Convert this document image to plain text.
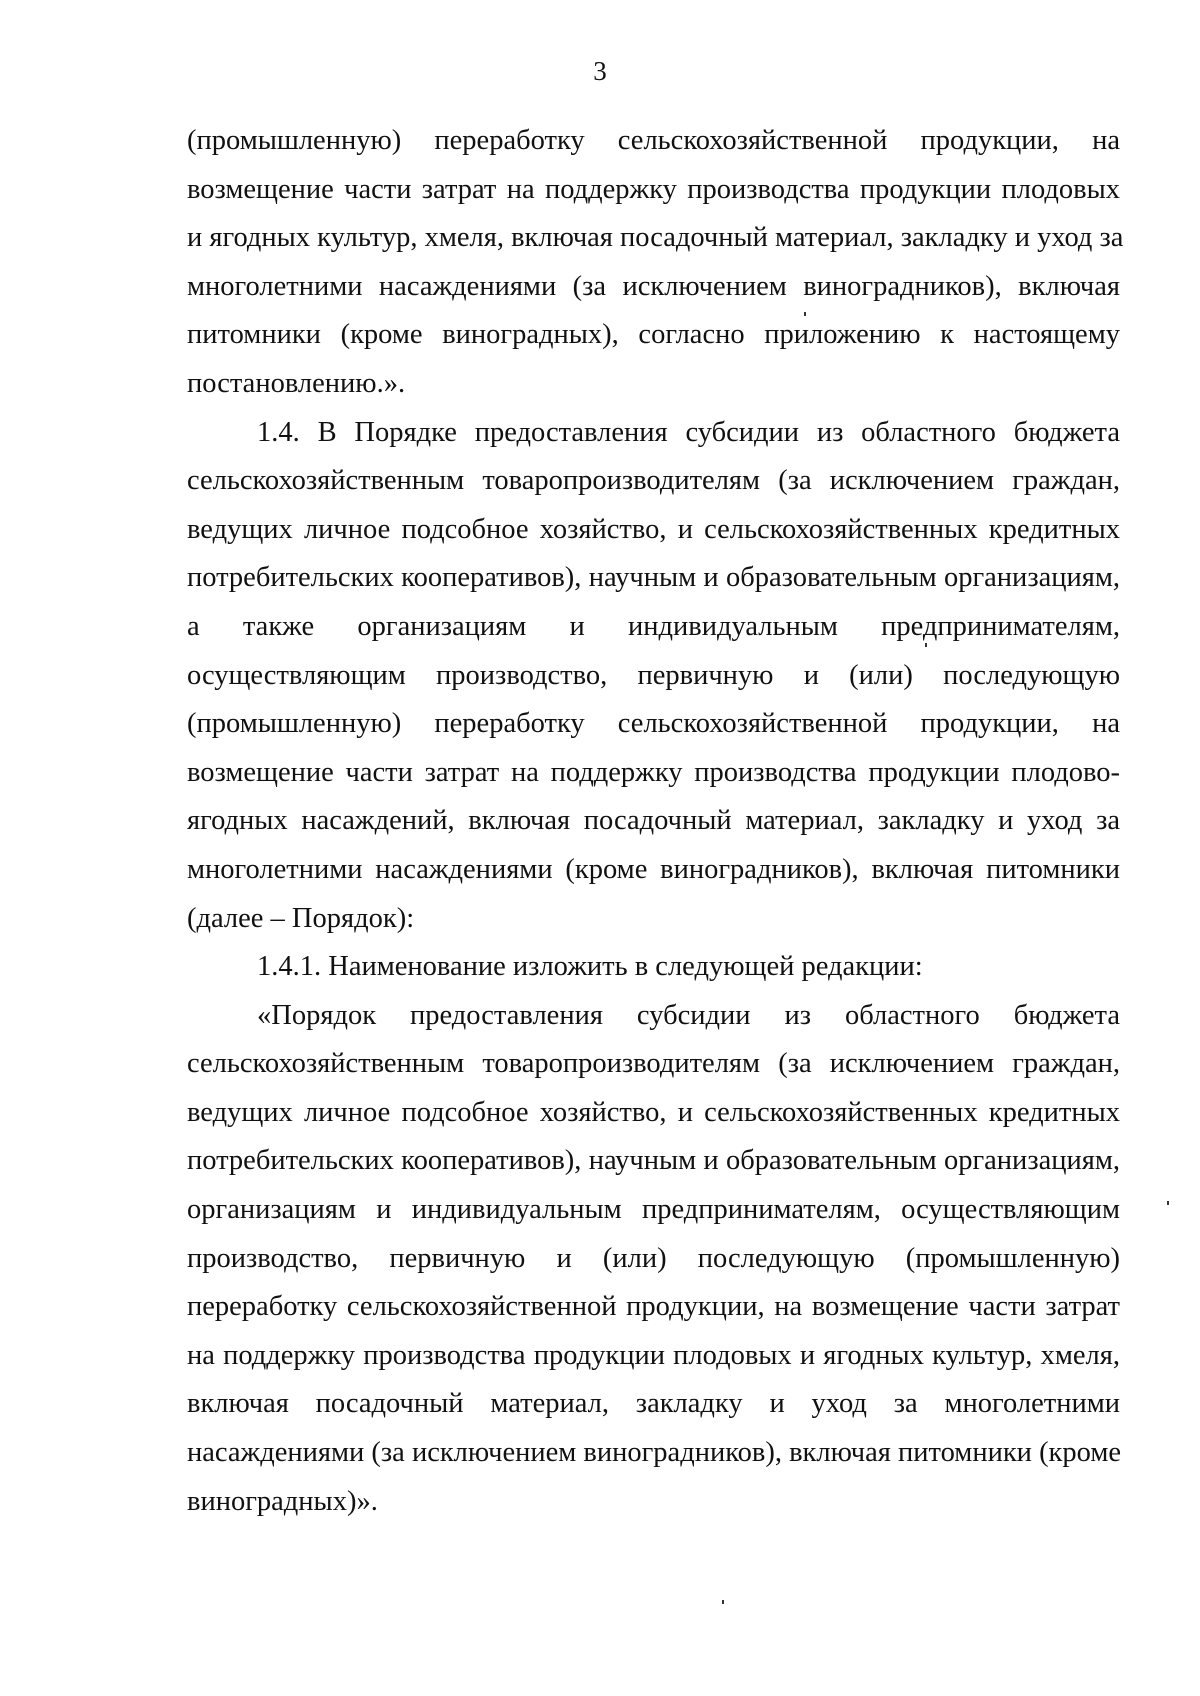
3
(промышленную) переработку сельскохозяйственной продукции, на
возмещение части затрат на поддержку производства продукции плодовых
и ягодных культур, хмеля, включая посадочный материал, закладку и уход за
многолетними насаждениями (за исключением виноградников), включая
питомники (кроме виноградных), согласно приложению к настоящему
постановлению.».
1.4. В Порядке предоставления субсидии из областного бюджета
сельскохозяйственным товаропроизводителям (за исключением граждан,
ведущих личное подсобное хозяйство, и сельскохозяйственных кредитных
потребительских кооперативов), научным и образовательным организациям,
а также организациям и индивидуальным предпринимателям,
осуществляющим производство, первичную и (или) последующую
(промышленную) переработку сельскохозяйственной продукции, на
возмещение части затрат на поддержку производства продукции плодово-
ягодных насаждений, включая посадочный материал, закладку и уход за
многолетними насаждениями (кроме виноградников), включая питомники
(далее – Порядок):
1.4.1. Наименование изложить в следующей редакции:
«Порядок предоставления субсидии из областного бюджета
сельскохозяйственным товаропроизводителям (за исключением граждан,
ведущих личное подсобное хозяйство, и сельскохозяйственных кредитных
потребительских кооперативов), научным и образовательным организациям,
организациям и индивидуальным предпринимателям, осуществляющим
производство, первичную и (или) последующую (промышленную)
переработку сельскохозяйственной продукции, на возмещение части затрат
на поддержку производства продукции плодовых и ягодных культур, хмеля,
включая посадочный материал, закладку и уход за многолетними
насаждениями (за исключением виноградников), включая питомники (кроме
виноградных)».
